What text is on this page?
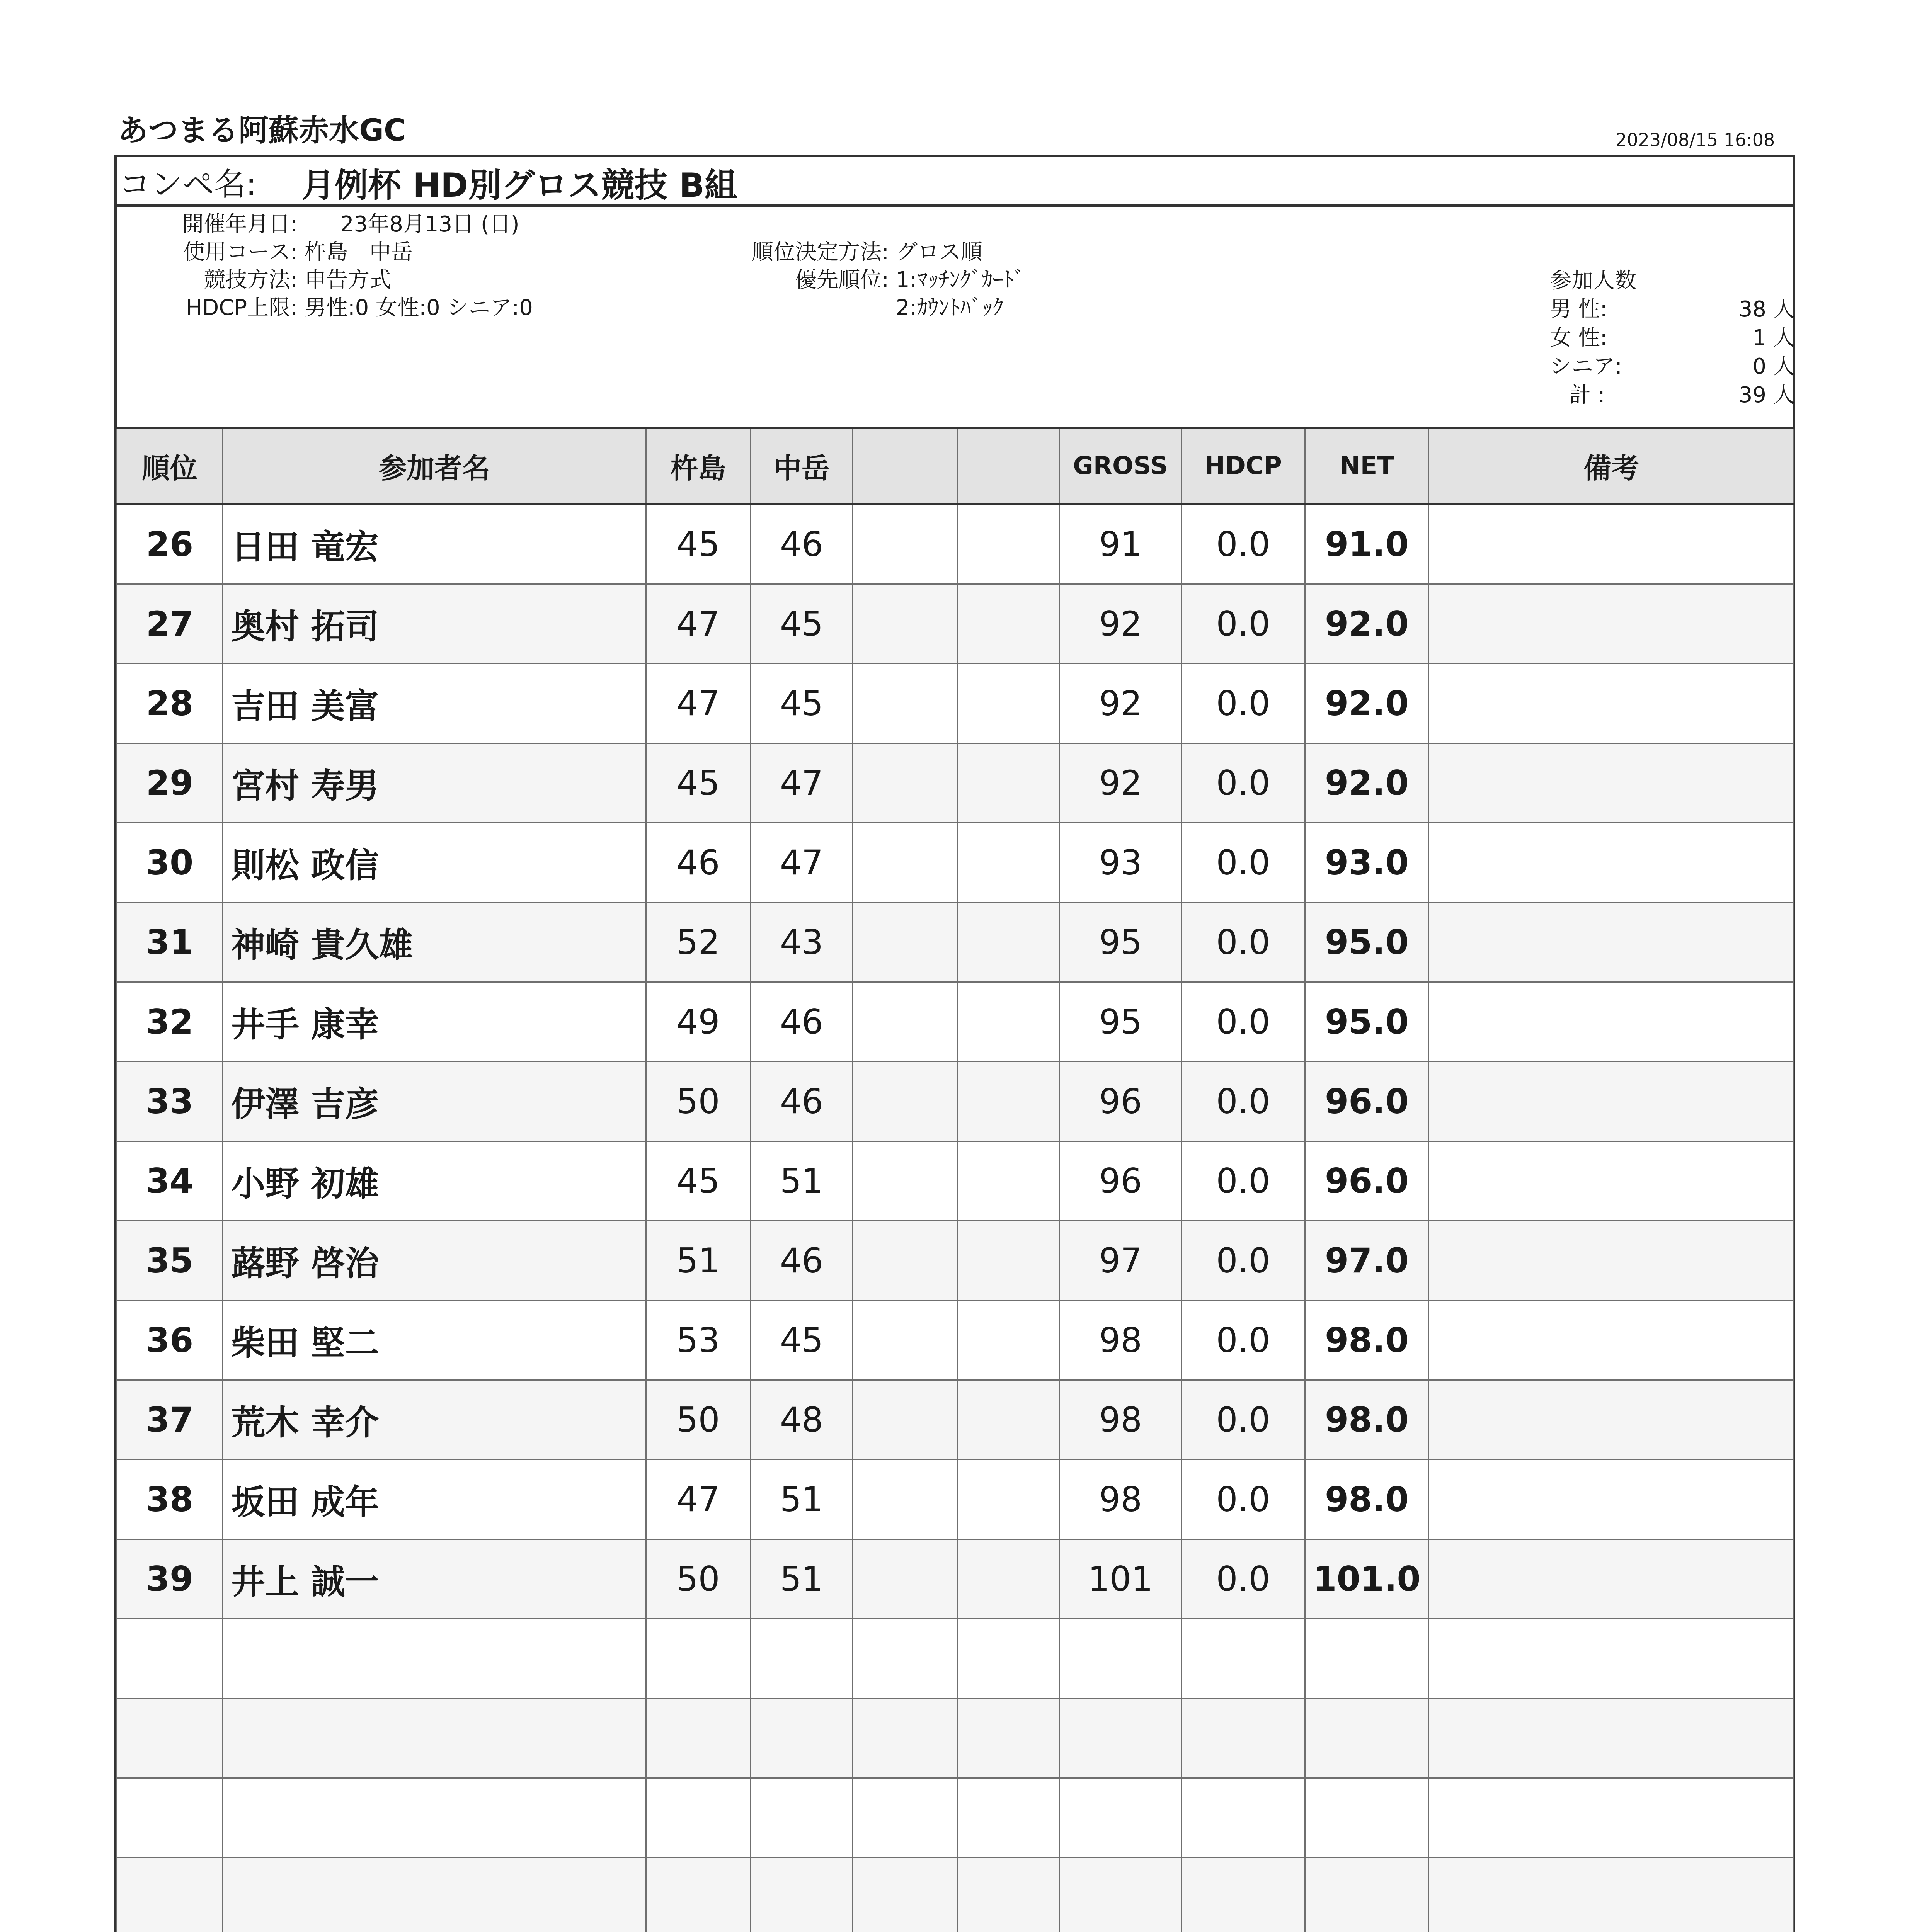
あつまる阿蘇赤水GC	2023/08/15 16:08
コンペ名: 月例杯 HD別グロス競技 B組
開催年月日: 23年8月13日 (日)
使用コース: 杵島　中岳
競技方法: 申告方式
HDCP上限: 男性:0 女性:0 シニア:0
順位決定方法: グロス順
優先順位: 1:ﾏｯﾁﾝｸﾞｶｰﾄﾞ
2:ｶｳﾝﾄﾊﾞｯｸ
参加人数
男 性:	38 人
女 性:	1 人
シニア:	0 人
計 :	39 人
順位	参加者名	杵島	中岳			GROSS	HDCP	NET	備考
26	日田 竜宏	45	46			91	0.0	91.0	
27	奥村 拓司	47	45			92	0.0	92.0	
28	吉田 美富	47	45			92	0.0	92.0	
29	宮村 寿男	45	47			92	0.0	92.0	
30	則松 政信	46	47			93	0.0	93.0	
31	神崎 貴久雄	52	43			95	0.0	95.0	
32	井手 康幸	49	46			95	0.0	95.0	
33	伊澤 吉彦	50	46			96	0.0	96.0	
34	小野 初雄	45	51			96	0.0	96.0	
35	蕗野 啓治	51	46			97	0.0	97.0	
36	柴田 堅二	53	45			98	0.0	98.0	
37	荒木 幸介	50	48			98	0.0	98.0	
38	坂田 成年	47	51			98	0.0	98.0	
39	井上 誠一	50	51			101	0.0	101.0	
